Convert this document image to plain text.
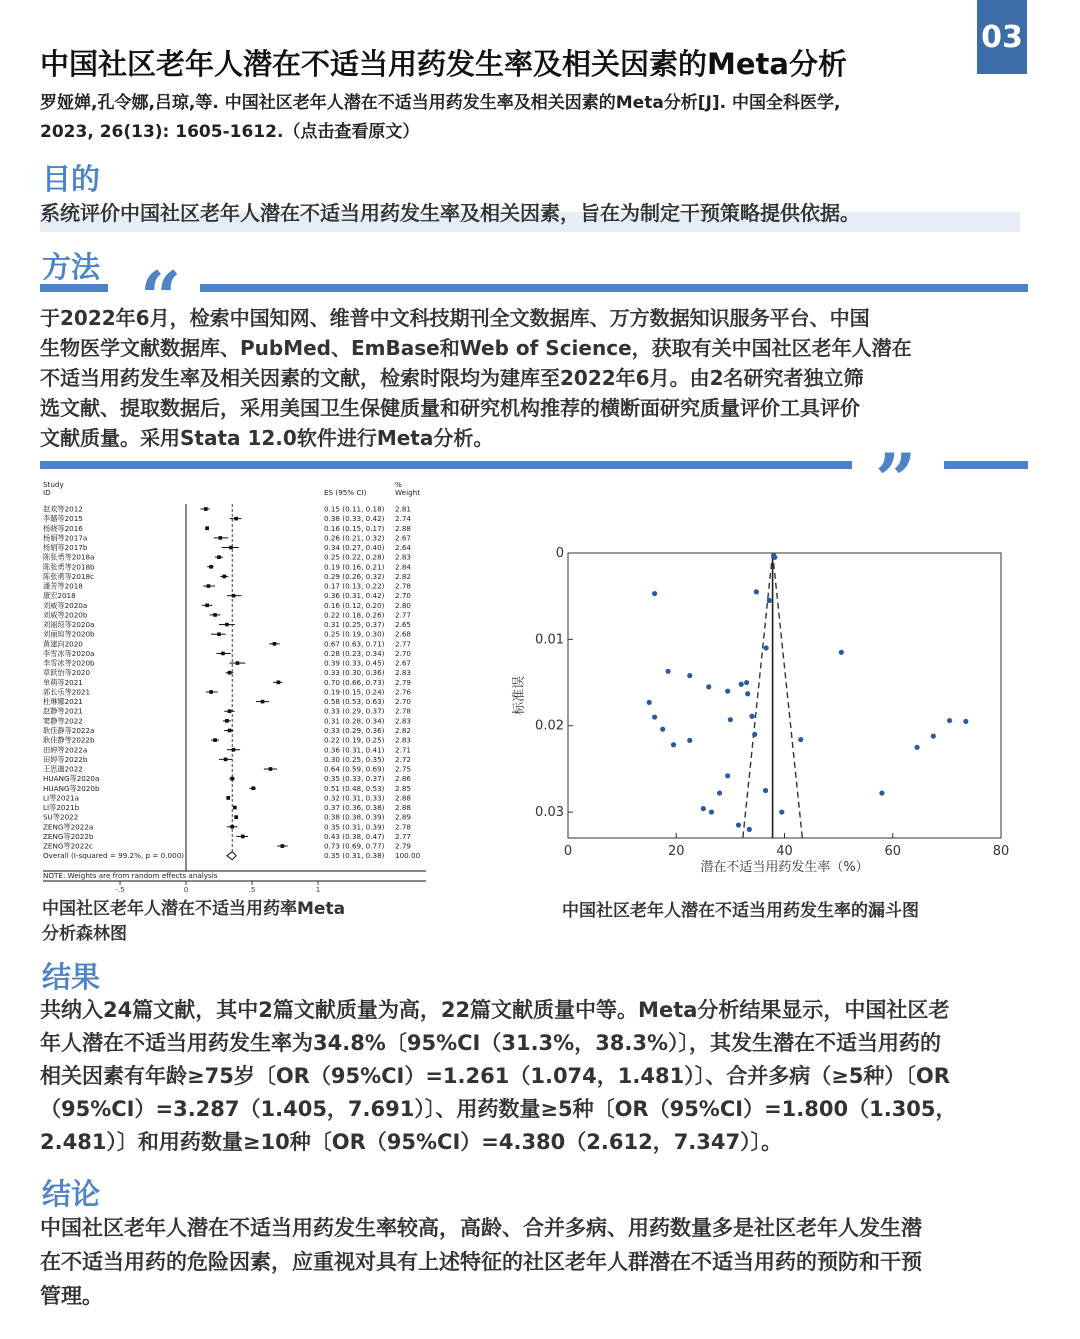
03
中国社区老年人潜在不适当用药发生率及相关因素的Meta分析
罗娅婵,孔令娜,吕琼,等. 中国社区老年人潜在不适当用药发生率及相关因素的Meta分析[J]. 中国全科医学,
2023, 26(13): 1605-1612.（点击查看原文）
目的
系统评价中国社区老年人潜在不适当用药发生率及相关因素，旨在为制定干预策略提供依据。
方法 “
于2022年6月，检索中国知网、维普中文科技期刊全文数据库、万方数据知识服务平台、中国
生物医学文献数据库、PubMed、EmBase和Web of Science，获取有关中国社区老年人潜在
不适当用药发生率及相关因素的文献，检索时限均为建库至2022年6月。由2名研究者独立筛
选文献、提取数据后，采用美国卫生保健质量和研究机构推荐的横断面研究质量评价工具评价
文献质量。采用Stata 12.0软件进行Meta分析。	”
Study
ID	ES (95% CI)
%
Weight
赵欢等2012	0.15 (0.11, 0.18) 2.81
李璐等2015	0.38 (0.33, 0.42) 2.74
杨晓等2016	0.16 (0.15, 0.17) 2.88
杨娟等2017a	0.26 (0.21, 0.32) 2.67
杨娟等2017b	0.34 (0.27, 0.40) 2.64
陈张勇等2018a	0.25 (0.22, 0.28) 2.83
陈张勇等2018b	0.19 (0.16, 0.21) 2.84
陈张勇等2018c	0.29 (0.26, 0.32) 2.82
潘芳等2018	0.17 (0.13, 0.22) 2.78
康宏2018	0.36 (0.31, 0.42) 2.70
刘威等2020a	0.16 (0.12, 0.20) 2.80
刘威等2020b	0.22 (0.18, 0.26) 2.77
刘丽琼等2020a	0.31 (0.25, 0.37) 2.65
刘丽琼等2020b	0.25 (0.19, 0.30) 2.68
黄建向2020	0.67 (0.63, 0.71) 2.77
李雪冰等2020a	0.28 (0.23, 0.34) 2.70
李雪冰等2020b	0.39 (0.33, 0.45) 2.67
章跃怡等2020	0.33 (0.30, 0.36) 2.83
单萌等2021	0.70 (0.66, 0.73) 2.79
郭长乐等2021	0.19 (0.15, 0.24) 2.76
杜琳娜2021	0.58 (0.53, 0.63) 2.70
赵静等2021	0.33 (0.29, 0.37) 2.78
窦静等2022	0.31 (0.28, 0.34) 2.83
耿佳静等2022a	0.33 (0.29, 0.36) 2.82
耿佳静等2022b	0.22 (0.19, 0.25) 2.83
田婷等2022a	0.36 (0.31, 0.41) 2.71
田婷等2022b	0.30 (0.25, 0.35) 2.72
王思邈2022	0.64 (0.59, 0.69) 2.75
HUANG等2020a	0.35 (0.33, 0.37) 2.86
HUANG等2020b	0.51 (0.48, 0.53) 2.85
LI等2021a	0.32 (0.31, 0.33) 2.88
LI等2021b	0.37 (0.36, 0.38) 2.88
SU等2022	0.38 (0.38, 0.39) 2.89
ZENG等2022a	0.35 (0.31, 0.39) 2.78
ZENG等2022b	0.43 (0.38, 0.47) 2.77
ZENG等2022c	0.73 (0.69, 0.77) 2.79
Overall (I-squared = 99.2%, p = 0.000)	0.35 (0.31, 0.38) 100.00
NOTE: Weights are from random effects analysis
-.5	0	.5	1
0	20	40	60	80
0
0.01
0.02
0.03
潜在不适当用药发生率（%）
标准误
中国社区老年人潜在不适当用药率Meta
分析森林图
中国社区老年人潜在不适当用药发生率的漏斗图
结果
共纳入24篇文献，其中2篇文献质量为高，22篇文献质量中等。Meta分析结果显示，中国社区老
年人潜在不适当用药发生率为34.8%〔95%CI（31.3%，38.3%）〕，其发生潜在不适当用药的
相关因素有年龄≥75岁〔OR（95%CI）=1.261（1.074，1.481）〕、合并多病（≥5种）〔OR
（95%CI）=3.287（1.405，7.691）〕、用药数量≥5种〔OR（95%CI）=1.800（1.305，
2.481）〕和用药数量≥10种〔OR（95%CI）=4.380（2.612，7.347）〕。
结论
中国社区老年人潜在不适当用药发生率较高，高龄、合并多病、用药数量多是社区老年人发生潜
在不适当用药的危险因素，应重视对具有上述特征的社区老年人群潜在不适当用药的预防和干预
管理。
